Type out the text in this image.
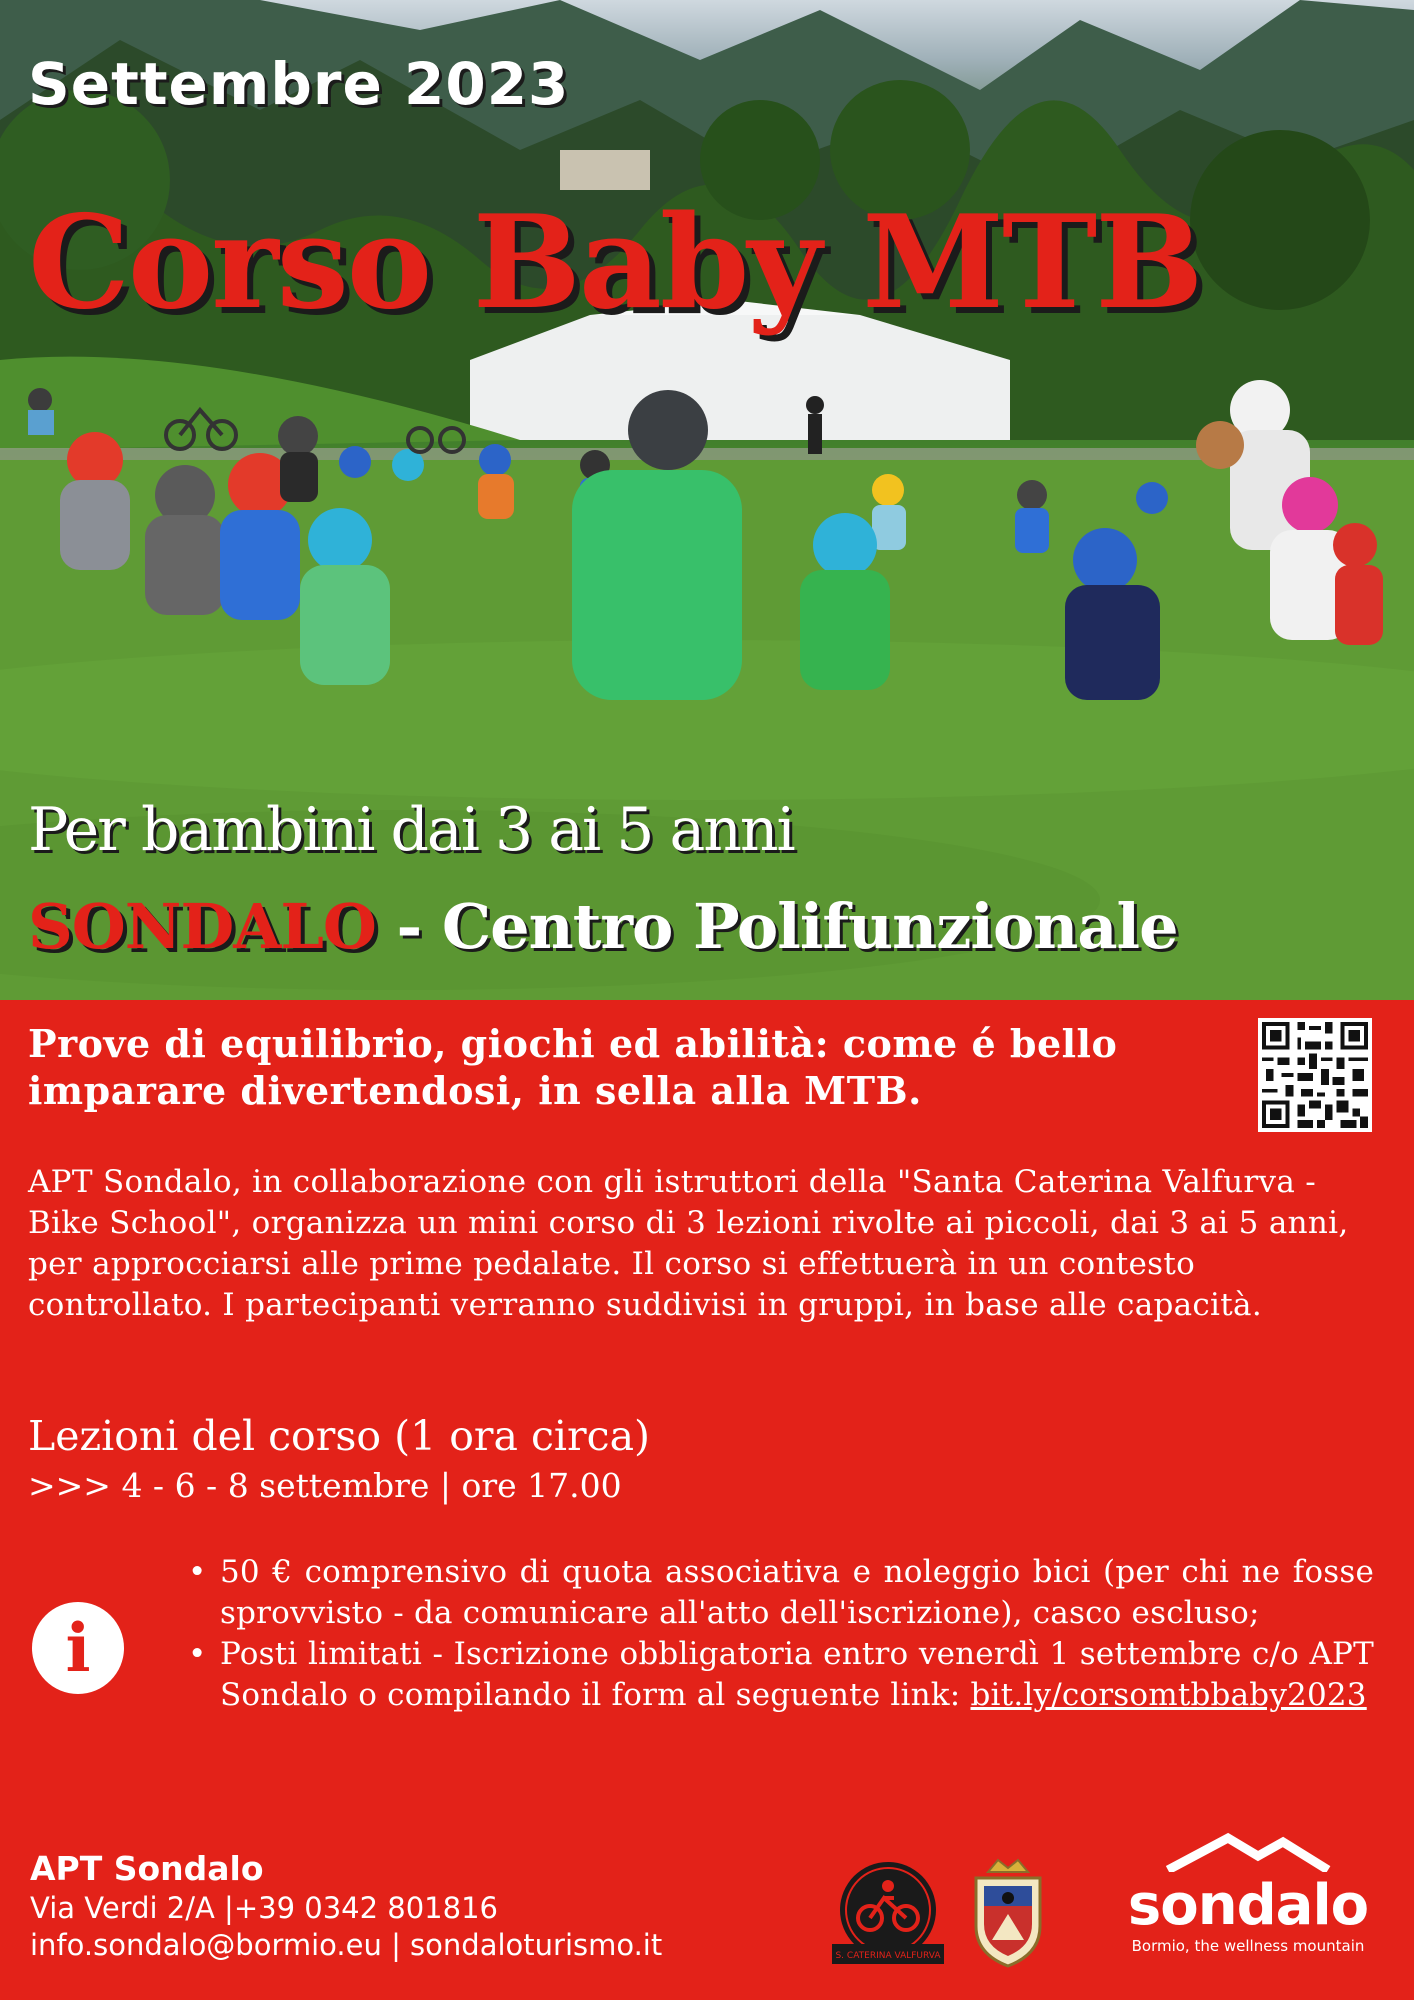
Settembre 2023
Corso Baby MTB
Per bambini dai 3 ai 5 anni
SONDALO - Centro Polifunzionale
Prove di equilibrio, giochi ed abilità: come é bello imparare divertendosi, in sella alla MTB.
APT Sondalo, in collaborazione con gli istruttori della "Santa Caterina Valfurva - Bike School", organizza un mini corso di 3 lezioni rivolte ai piccoli, dai 3 ai 5 anni, per approcciarsi alle prime pedalate. Il corso si effettuerà in un contesto controllato. I partecipanti verranno suddivisi in gruppi, in base alle capacità.
Lezioni del corso (1 ora circa)
>>> 4 - 6 - 8 settembre | ore 17.00
i
• 50 € comprensivo di quota associativa e noleggio bici (per chi ne fosse sprovvisto - da comunicare all'atto dell'iscrizione), casco escluso;
• Posti limitati - Iscrizione obbligatoria entro venerdì 1 settembre c/o APT Sondalo o compilando il form al seguente link: bit.ly/corsomtbbaby2023
APT Sondalo
Via Verdi 2/A |+39 0342 801816
info.sondalo@bormio.eu | sondaloturismo.it	S. CATERINA VALFURVA
sondalo
Bormio, the wellness mountain
